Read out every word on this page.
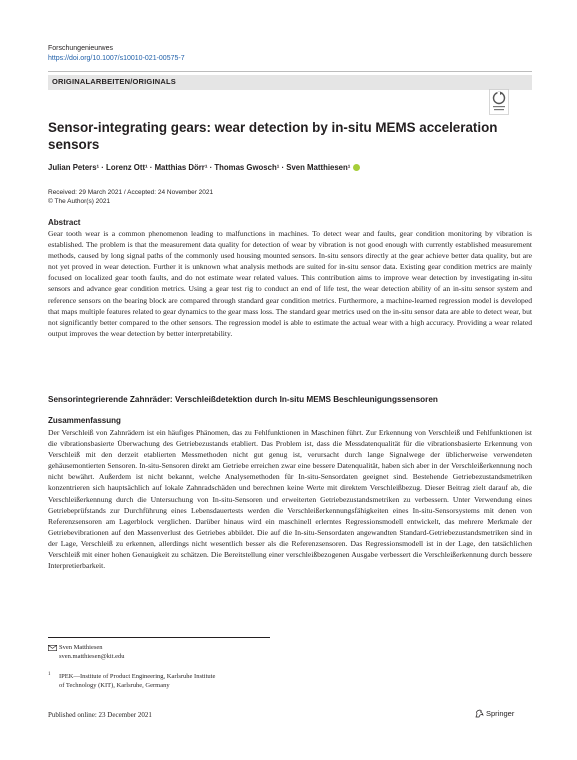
Forschungenieurwes
https://doi.org/10.1007/s10010-021-00575-7
ORIGINALARBEITEN/ORIGINALS
Sensor-integrating gears: wear detection by in-situ MEMS acceleration sensors
Julian Peters¹ · Lorenz Ott¹ · Matthias Dörr¹ · Thomas Gwosch¹ · Sven Matthiesen¹
Received: 29 March 2021 / Accepted: 24 November 2021
© The Author(s) 2021
Abstract
Gear tooth wear is a common phenomenon leading to malfunctions in machines. To detect wear and faults, gear condition monitoring by vibration is established. The problem is that the measurement data quality for detection of wear by vibration is not good enough with currently established measurement methods, caused by long signal paths of the commonly used housing mounted sensors. In-situ sensors directly at the gear achieve better data quality, but are not yet proved in wear detection. Further it is unknown what analysis methods are suited for in-situ sensor data. Existing gear condition metrics are mainly focused on localized gear tooth faults, and do not estimate wear related values. This contribution aims to improve wear detection by investigating in-situ sensors and advance gear condition metrics. Using a gear test rig to conduct an end of life test, the wear detection ability of an in-situ sensor system and reference sensors on the bearing block are compared through standard gear condition metrics. Furthermore, a machine-learned regression model is developed that maps multiple features related to gear dynamics to the gear mass loss. The standard gear metrics used on the in-situ sensor data are able to detect wear, but not significantly better compared to the other sensors. The regression model is able to estimate the actual wear with a high accuracy. Providing a wear related output improves the wear detection by better interpretability.
Sensorintegrierende Zahnräder: Verschleißdetektion durch In-situ MEMS Beschleunigungssensoren
Zusammenfassung
Der Verschleiß von Zahnrädern ist ein häufiges Phänomen, das zu Fehlfunktionen in Maschinen führt. Zur Erkennung von Verschleiß und Fehlfunktionen ist die vibrationsbasierte Überwachung des Getriebezustands etabliert. Das Problem ist, dass die Messdatenqualität für die vibrationsbasierte Erkennung von Verschleiß mit den derzeit etablierten Messmethoden nicht gut genug ist, verursacht durch lange Signalwege der üblicherweise verwendeten gehäusemontierten Sensoren. In-situ-Sensoren direkt am Getriebe erreichen zwar eine bessere Datenqualität, haben sich aber in der Verschleißerkennung noch nicht bewährt. Außerdem ist nicht bekannt, welche Analysemethoden für In-situ-Sensordaten geeignet sind. Bestehende Getriebezustandsmetriken konzentrieren sich hauptsächlich auf lokale Zahnradschäden und berechnen keine Werte mit direktem Verschleißbezug. Dieser Beitrag zielt darauf ab, die Verschleißerkennung durch die Untersuchung von In-situ-Sensoren und erweiterten Getriebezustandsmetriken zu verbessern. Unter Verwendung eines Getriebeprüfstands zur Durchführung eines Lebensdauertests werden die Verschleißerkennungsfähigkeiten eines In-situ-Sensorsystems mit denen von Referenzsensoren am Lagerblock verglichen. Darüber hinaus wird ein maschinell erlerntes Regressionsmodell entwickelt, das mehrere Merkmale der Getriebevibrationen auf den Massenverlust des Getriebes abbildet. Die auf die In-situ-Sensordaten angewandten Standard-Getriebezustandsmetriken sind in der Lage, Verschleiß zu erkennen, allerdings nicht wesentlich besser als die Referenzsensoren. Das Regressionsmodell ist in der Lage, den tatsächlichen Verschleiß mit einer hohen Genauigkeit zu schätzen. Die Bereitstellung einer verschleißbezogenen Ausgabe verbessert die Verschleißerkennung durch bessere Interpretierbarkeit.
Sven Matthiesen
sven.matthiesen@kit.edu
1 IPEK—Institute of Product Engineering, Karlsruhe Institute
of Technology (KIT), Karlsruhe, Germany
Published online: 23 December 2021	Springer
